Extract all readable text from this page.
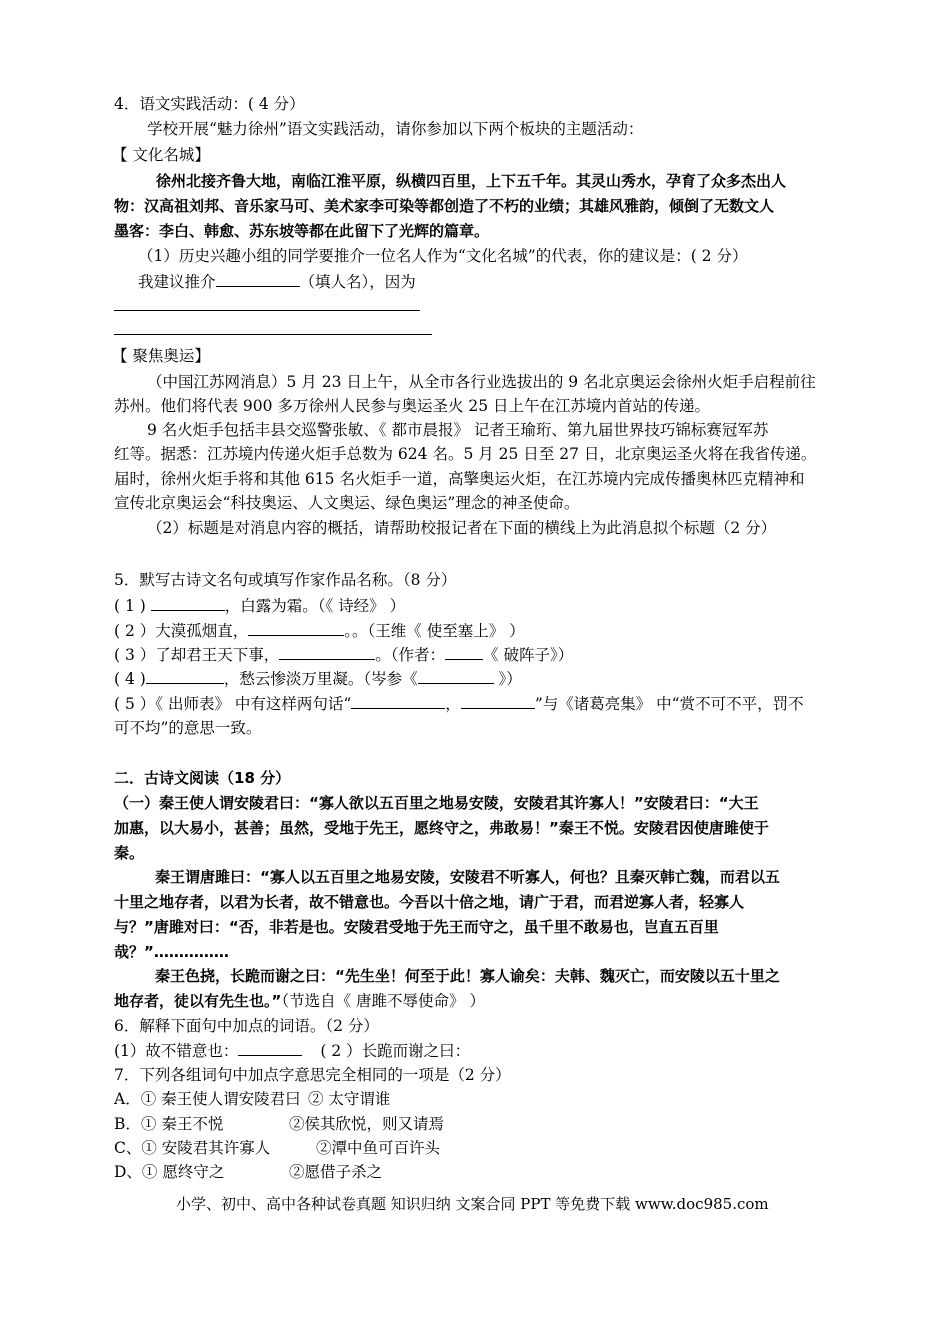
4．语文实践活动：( 4 分）
学校开展“魅力徐州”语文实践活动，请你参加以下两个板块的主题活动：
【 文化名城】
徐州北接齐鲁大地，南临江淮平原，纵横四百里，上下五千年。其灵山秀水，孕育了众多杰出人
物：汉高祖刘邦、音乐家马可、美术家李可染等都创造了不朽的业绩；其雄风雅韵，倾倒了无数文人
墨客：李白、韩愈、苏东坡等都在此留下了光辉的篇章。
（1）历史兴趣小组的同学要推介一位名人作为“文化名城”的代表，你的建议是：( 2 分）
我建议推介	（填人名），因为
【 聚焦奥运】
（中国江苏网消息）5 月 23 日上午，从全市各行业选拔出的 9 名北京奥运会徐州火炬手启程前往
苏州。他们将代表 900 多万徐州人民参与奥运圣火 25 日上午在江苏境内首站的传递。
9 名火炬手包括丰县交巡警张敏、《 都市晨报》 记者王瑜珩、第九届世界技巧锦标赛冠军苏
红等。据悉：江苏境内传递火炬手总数为 624 名。5 月 25 日至 27 日，北京奥运圣火将在我省传递。
届时，徐州火炬手将和其他 615 名火炬手一道，高擎奥运火炬，在江苏境内完成传播奥林匹克精神和
宣传北京奥运会“科技奥运、人文奥运、绿色奥运”理念的神圣使命。
（2）标题是对消息内容的概括，请帮助校报记者在下面的横线上为此消息拟个标题（2 分）
5．默写古诗文名句或填写作家作品名称。（8 分）
( 1 )	，白露为霜。（《 诗经》 ）
( 2 ）大漠孤烟直，	。。（王维《 使至塞上》 ）
( 3 ）了却君王天下事，	。（作者： 《 破阵子》）
( 4 )	，愁云惨淡万里凝。（岑参《	》）
( 5 ）《 出师表》 中有这样两句话“	，	”与《诸葛亮集》 中“赏不可不平，罚不
可不均”的意思一致。
二．古诗文阅读（18 分）
（一）秦王使人谓安陵君曰：“寡人欲以五百里之地易安陵，安陵君其许寡人！”安陵君曰：“大王
加惠，以大易小，甚善；虽然，受地于先王，愿终守之，弗敢易！”秦王不悦。安陵君因使唐雎使于
秦。
秦王谓唐雎曰：“寡人以五百里之地易安陵，安陵君不听寡人，何也？且秦灭韩亡魏，而君以五
十里之地存者，以君为长者，故不错意也。今吾以十倍之地，请广于君，而君逆寡人者，轻寡人
与？”唐雎对曰：“否，非若是也。安陵君受地于先王而守之，虽千里不敢易也，岂直五百里
哉？”……………
秦王色挠，长跪而谢之曰：“先生坐！何至于此！寡人谕矣：夫韩、魏灭亡，而安陵以五十里之
地存者，徒以有先生也。”（节选自《 唐雎不辱使命》 ）
6．解释下面句中加点的词语。（2 分）
(1）故不错意也：	( 2 ）长跪而谢之曰：
7．下列各组词句中加点字意思完全相同的一项是（2 分）
A．① 秦王使人谓安陵君曰 ② 太守谓谁
B．① 秦王不悦	②侯其欣悦，则又请焉
C、① 安陵君其许寡人	②潭中鱼可百许头
D、① 愿终守之	②愿借子杀之
小学、初中、高中各种试卷真题 知识归纳 文案合同 PPT 等免费下载 www.doc985.com
